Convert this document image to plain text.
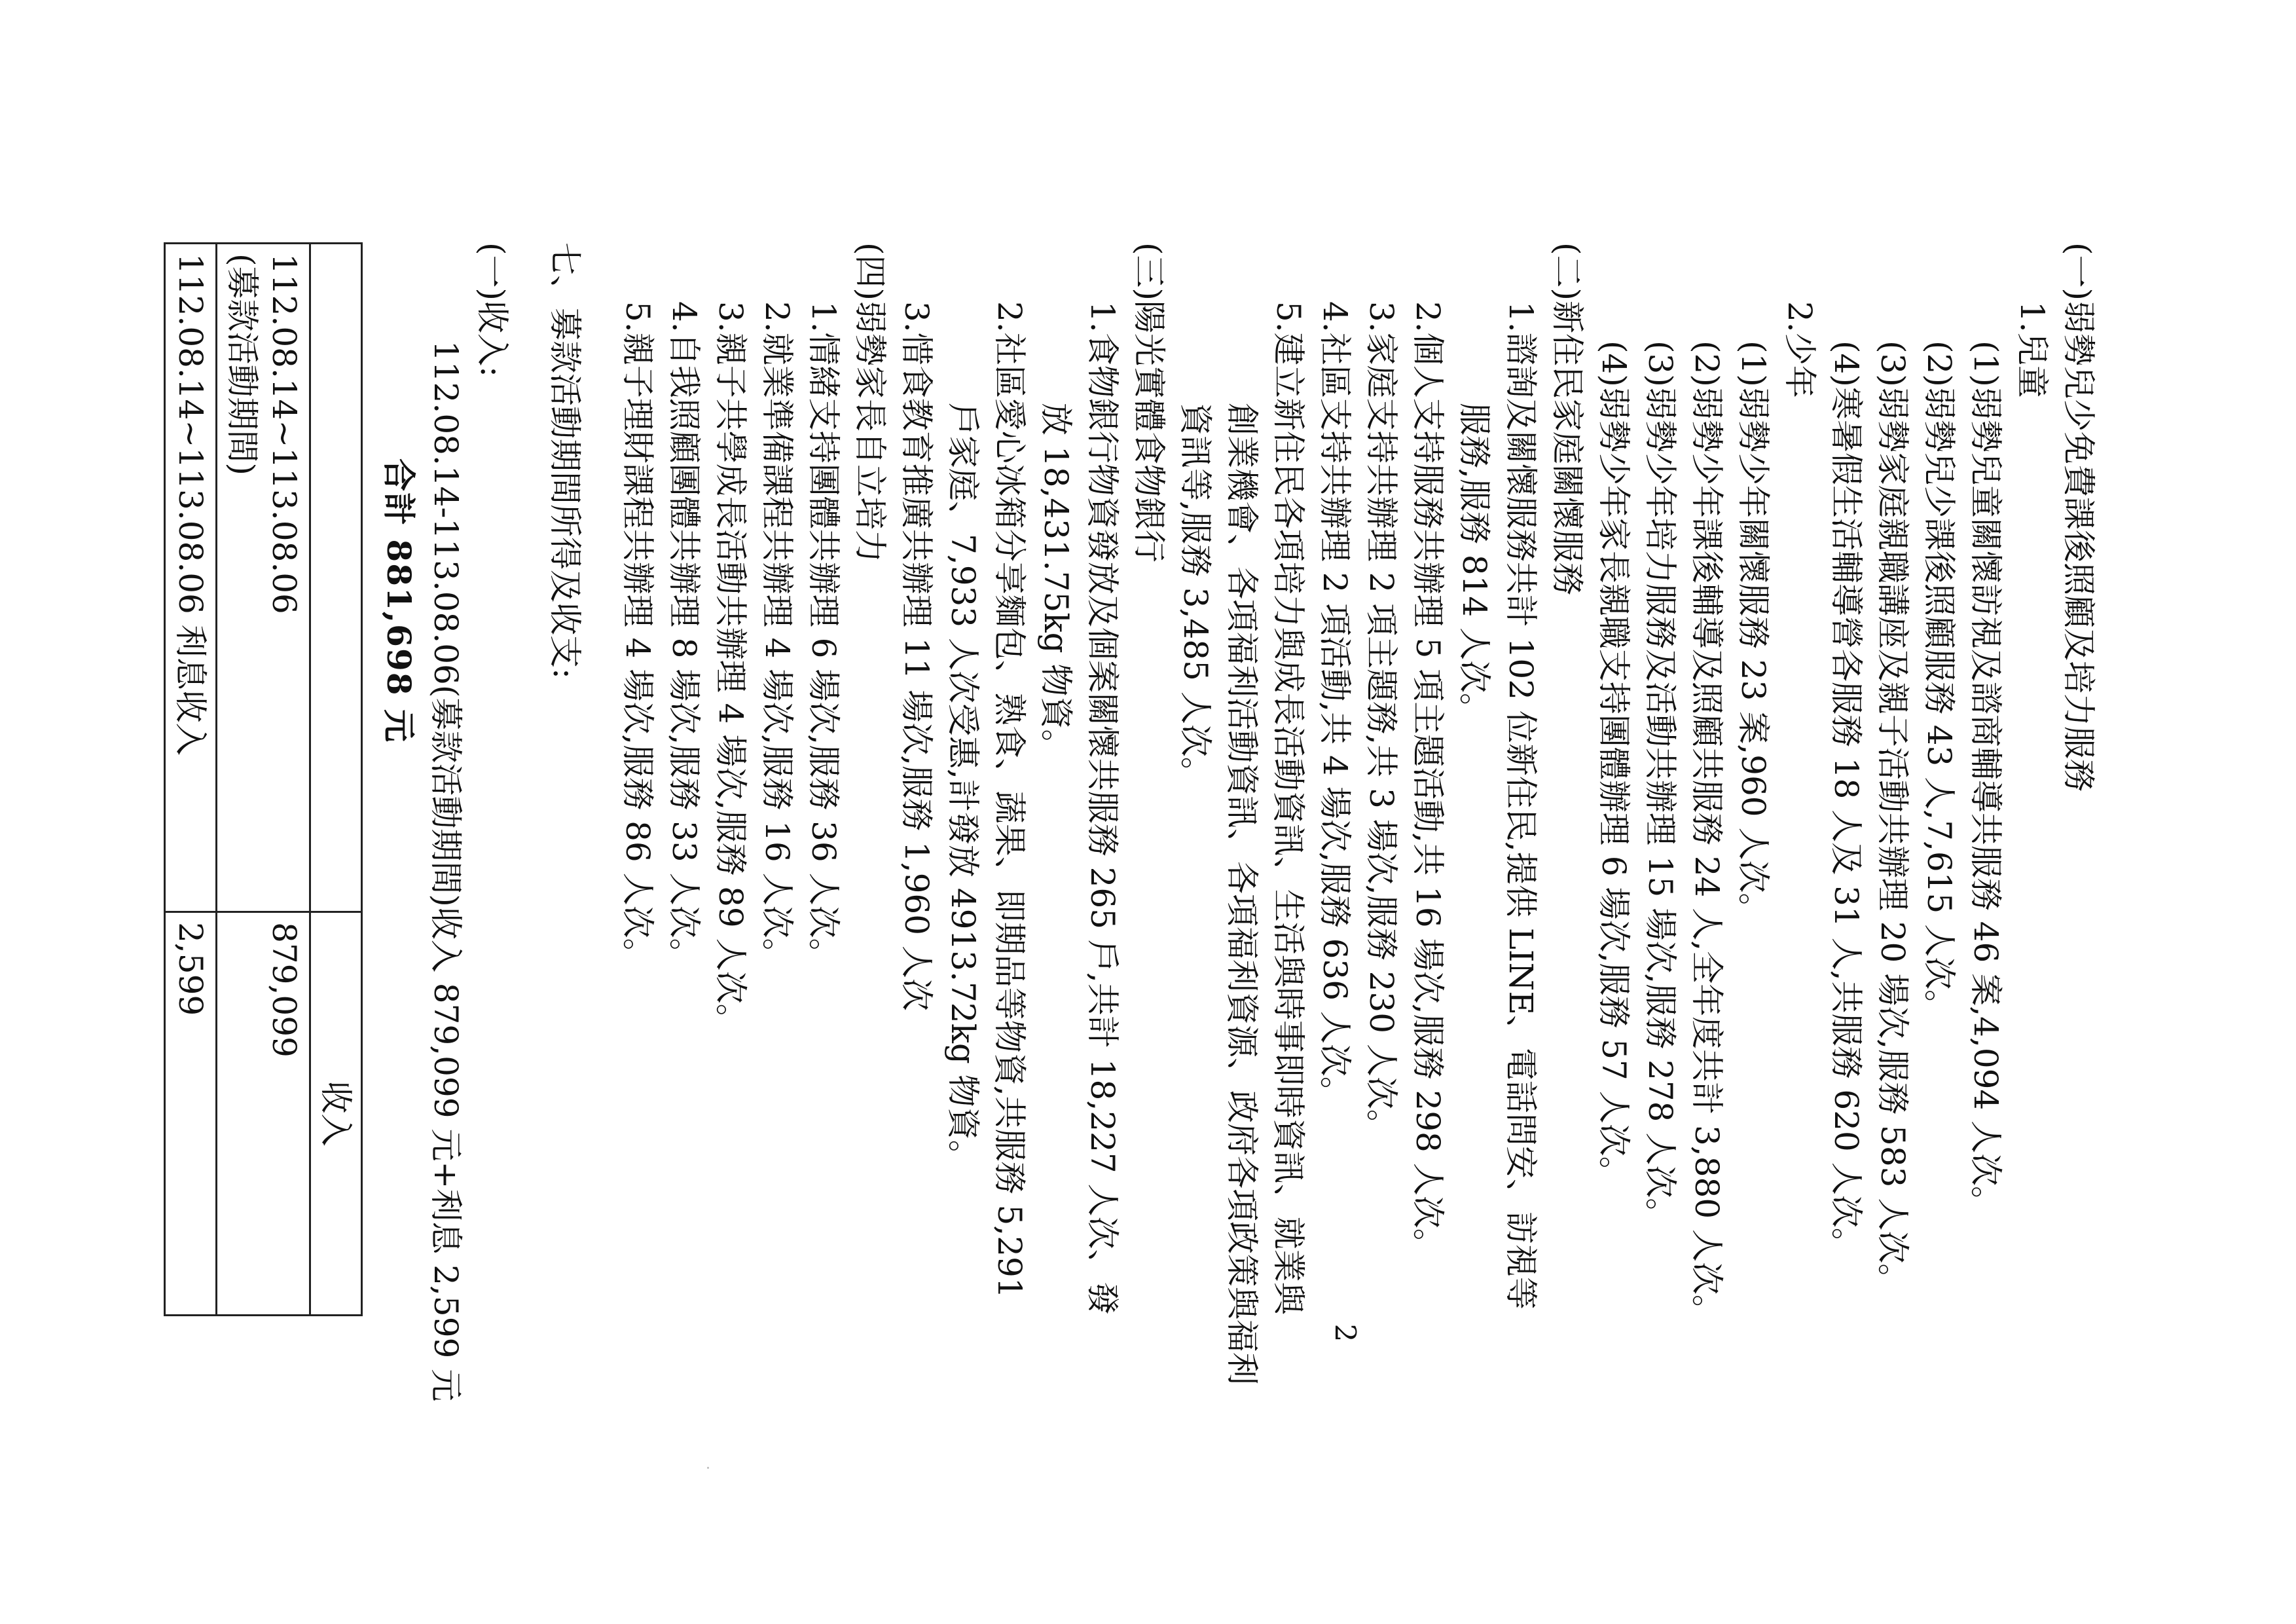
(一)弱勢兒少免費課後照顧及培力服務
1.兒童
(1)弱勢兒童關懷訪視及諮商輔導共服務 46 案,4,094 人次。
(2)弱勢兒少課後照顧服務 43 人,7,615 人次。
(3)弱勢家庭親職講座及親子活動共辦理 20 場次,服務 583 人次。
(4)寒暑假生活輔導營各服務 18 人及 31 人,共服務 620 人次。
2.少年
(1)弱勢少年關懷服務 23 案,960 人次。
(2)弱勢少年課後輔導及照顧共服務 24 人,全年度共計 3,880 人次。
(3)弱勢少年培力服務及活動共辦理 15 場次,服務 278 人次。
(4)弱勢少年家長親職支持團體辦理 6 場次,服務 57 人次。
(二)新住民家庭關懷服務
1.諮詢及關懷服務共計 102 位新住民,提供 LINE、電話問安、訪視等
服務,服務 814 人次。
2.個人支持服務共辦理 5 項主題活動,共 16 場次,服務 298 人次。
3.家庭支持共辦理 2 項主題務,共 3 場次,服務 230 人次。
4.社區支持共辦理 2 項活動,共 4 場次,服務 636 人次。
5.建立新住民各項培力與成長活動資訊、生活與時事即時資訊、就業與
創業機會、各項福利活動資訊、各項福利資源、政府各項政策與福利
資訊等,服務 3,485 人次。
(三)陽光實體食物銀行
1.食物銀行物資發放及個案關懷共服務 265 戶,共計 18,227 人次、發
放 18,431.75kg 物資。
2.社區愛心冰箱分享麵包、熟食、蔬果、即期品等物資,共服務 5,291
戶家庭、7,933 人次受惠,計發放 4913.72kg 物資。
3.惜食教育推廣共辦理 11 場次,服務 1,960 人次
(四)弱勢家長自立培力
1.情緒支持團體共辦理 6 場次,服務 36 人次。
2.就業準備課程共辦理 4 場次,服務 16 人次。
3.親子共學成長活動共辦理 4 場次,服務 89 人次。
4.自我照顧團體共辦理 8 場次,服務 33 人次。
5.親子理財課程共辦理 4 場次,服務 86 人次。
七、募款活動期間所得及收支:
(一)收入:
112.08.14-113.08.06(募款活動期間)收入 879,099 元+利息 2,599 元
合計 881,698 元
	收入

112.08.14~113.08.06
(募款活動期間)	879,099
112.08.14~113.08.06 利息收入	2,599
2
